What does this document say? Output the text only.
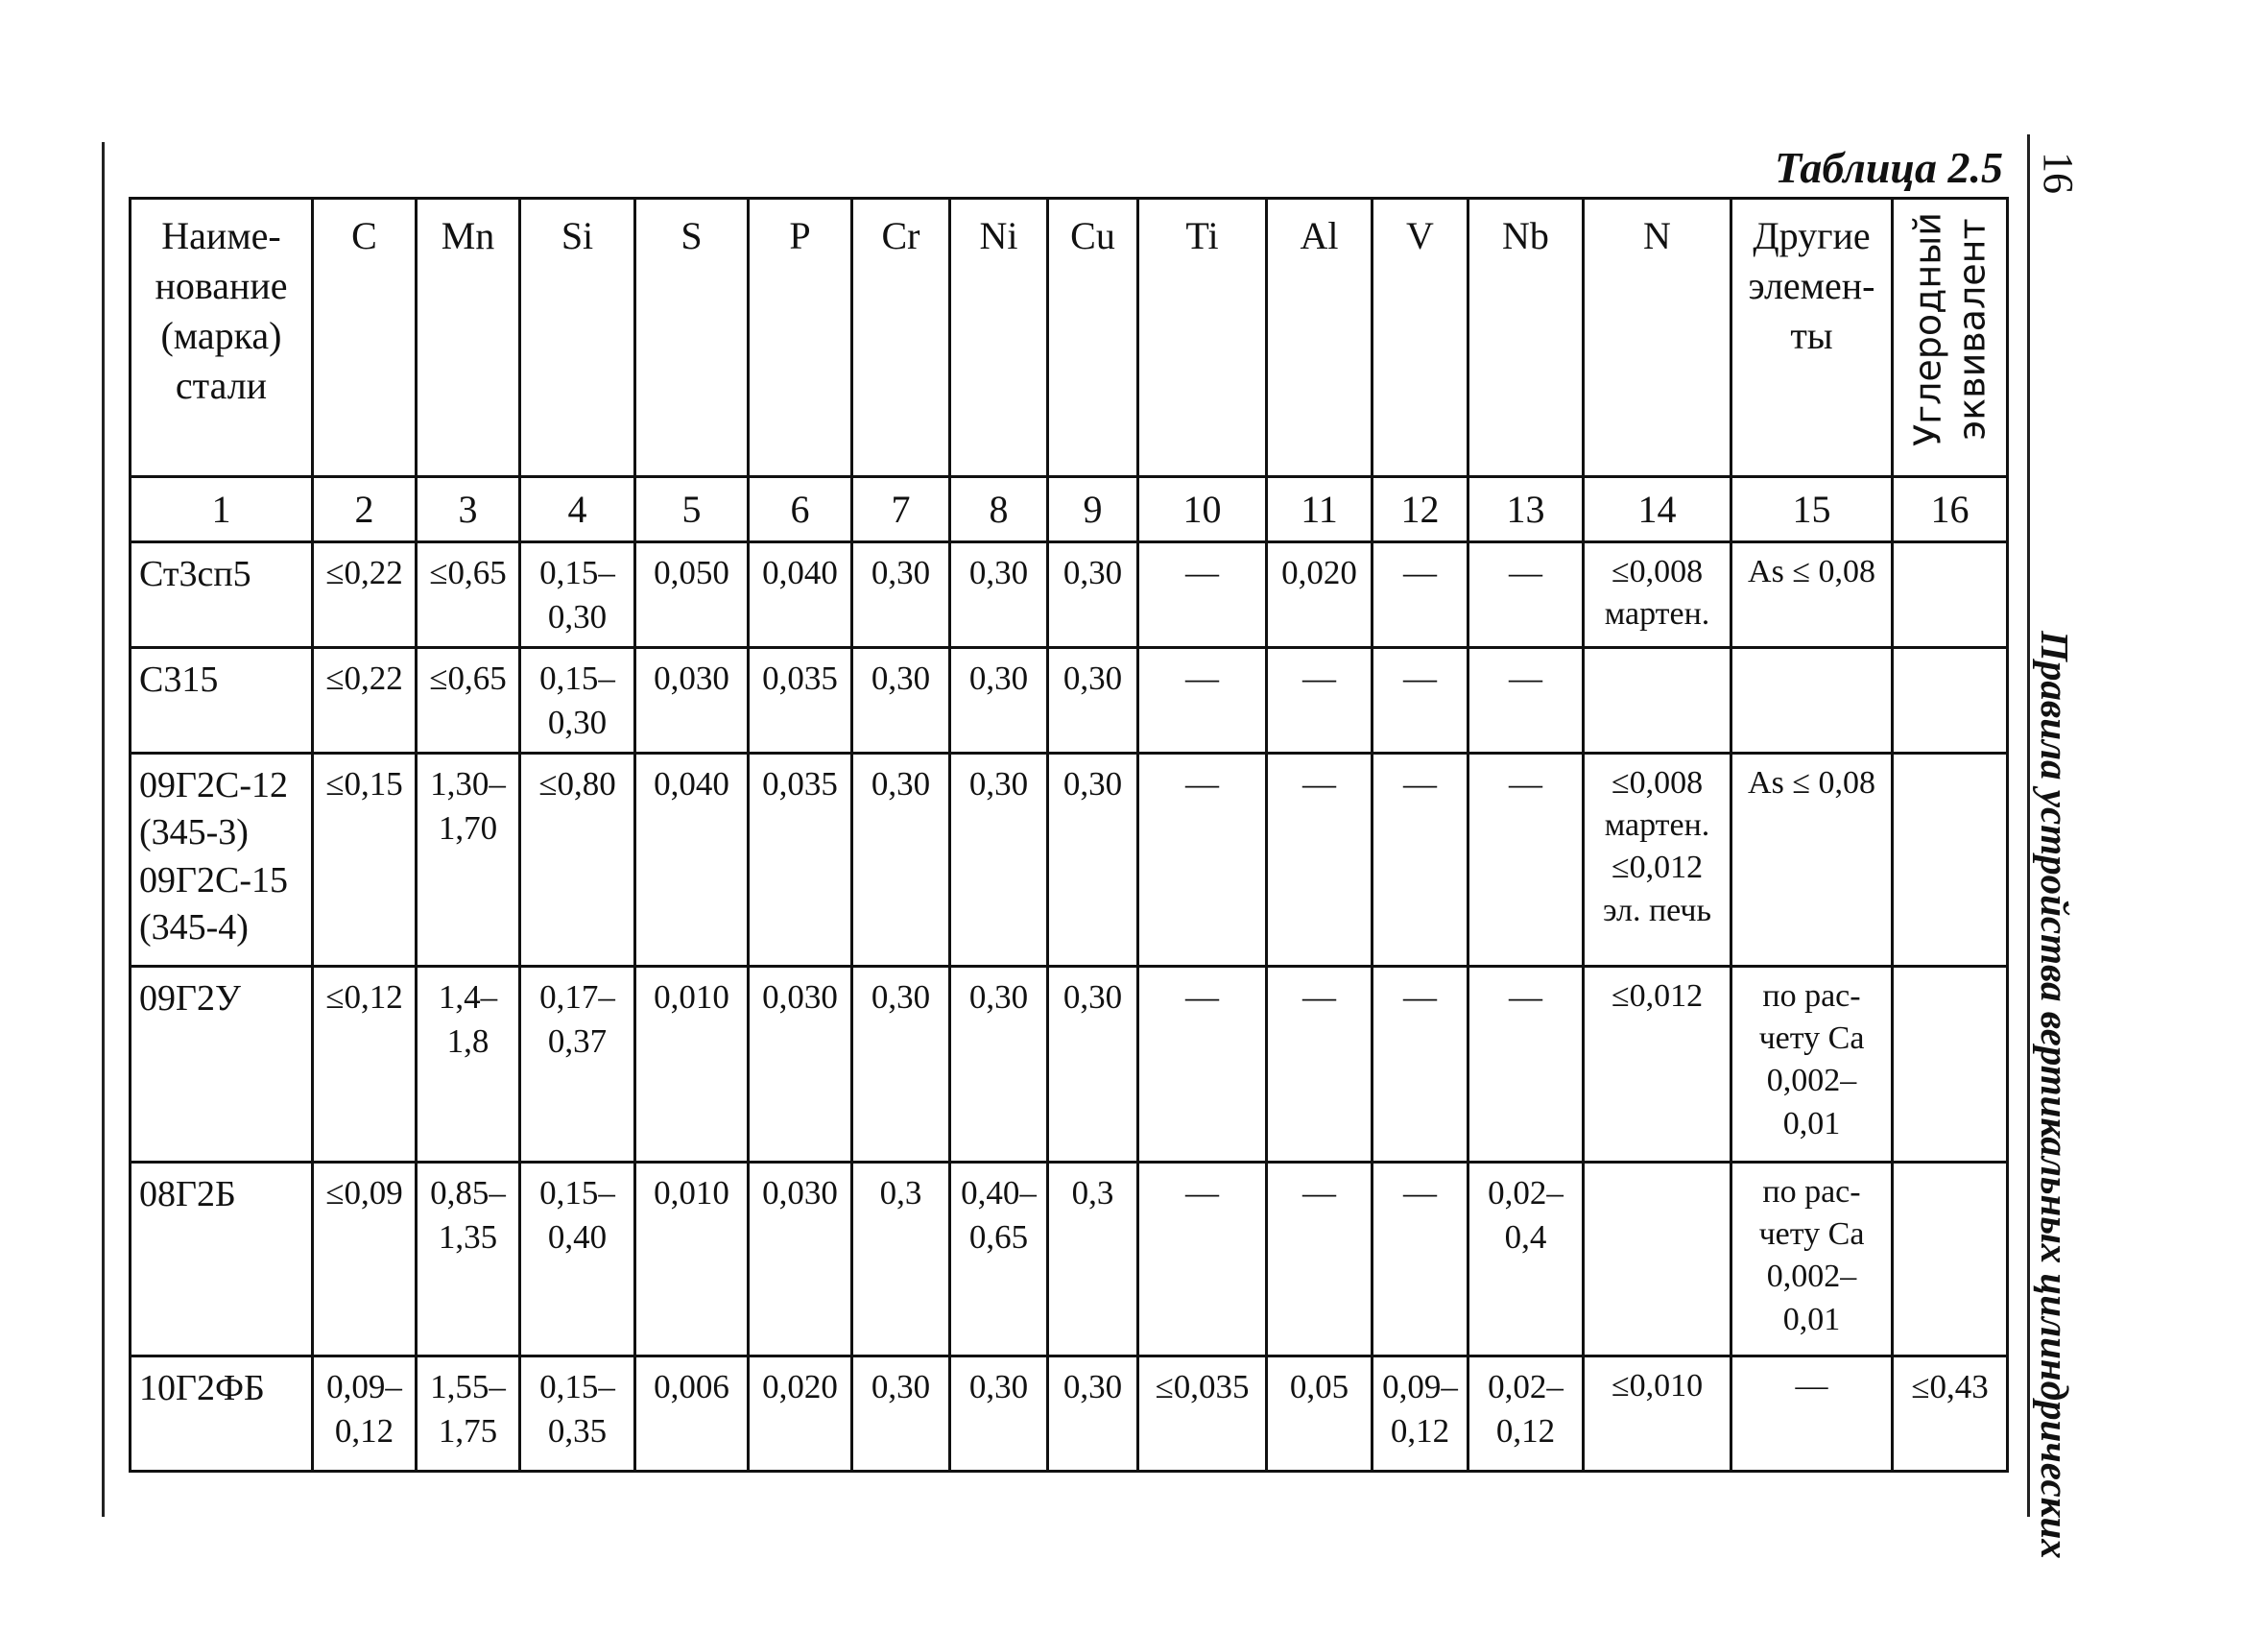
Таблица 2.5 16
Правила устройства вертикальных цилиндрических
Наиме-
нование
(марка)
стали	C	Mn	Si	S	P	Cr	Ni	Cu	Ti	Al	V	Nb	N	Другие
элемен-
ты	Углеродный эквивалент

1	2	3	4	5	6	7	8	9	10	11	12	13	14	15	16

Ст3сп5	≤0,22	≤0,65	0,15–
0,30	0,050	0,040	0,30	0,30	0,30	—	0,020	—	—	≤0,008
мартен.	As ≤ 0,08	

С315	≤0,22	≤0,65	0,15–
0,30	0,030	0,035	0,30	0,30	0,30	—	—	—	—			

09Г2С-12
(345-3)
09Г2С-15
(345-4)	≤0,15	1,30–
1,70	≤0,80	0,040	0,035	0,30	0,30	0,30	—	—	—	—	≤0,008
мартен.
≤0,012
эл. печь	As ≤ 0,08	

09Г2У	≤0,12	1,4–
1,8	0,17–
0,37	0,010	0,030	0,30	0,30	0,30	—	—	—	—	≤0,012	по рас-
чету Са
0,002–
0,01	

08Г2Б	≤0,09	0,85–
1,35	0,15–
0,40	0,010	0,030	0,3	0,40–
0,65	0,3	—	—	—	0,02–
0,4		по рас-
чету Са
0,002–
0,01	

10Г2ФБ	0,09–
0,12	1,55–
1,75	0,15–
0,35	0,006	0,020	0,30	0,30	0,30	≤0,035	0,05	0,09–
0,12	0,02–
0,12	≤0,010	—	≤0,43
